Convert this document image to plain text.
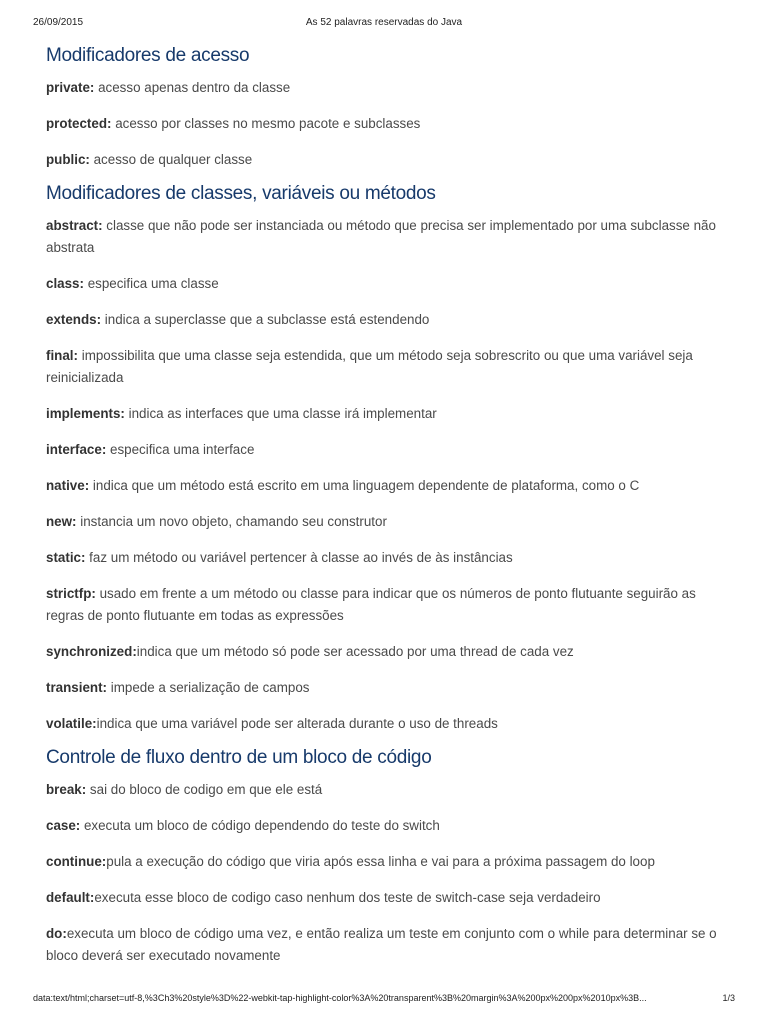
26/09/2015	As 52 palavras reservadas do Java
Modificadores de acesso

private: acesso apenas dentro da classe

protected: acesso por classes no mesmo pacote e subclasses

public: acesso de qualquer classe

Modificadores de classes, variáveis ou métodos

abstract: classe que não pode ser instanciada ou método que precisa ser implementado por uma subclasse não abstrata

class: especifica uma classe

extends: indica a superclasse que a subclasse está estendendo

final: impossibilita que uma classe seja estendida, que um método seja sobrescrito ou que uma variável seja reinicializada

implements: indica as interfaces que uma classe irá implementar

interface: especifica uma interface

native: indica que um método está escrito em uma linguagem dependente de plataforma, como o C

new: instancia um novo objeto, chamando seu construtor

static: faz um método ou variável pertencer à classe ao invés de às instâncias

strictfp: usado em frente a um método ou classe para indicar que os números de ponto flutuante seguirão as regras de ponto flutuante em todas as expressões

synchronized:indica que um método só pode ser acessado por uma thread de cada vez

transient: impede a serialização de campos

volatile:indica que uma variável pode ser alterada durante o uso de threads

Controle de fluxo dentro de um bloco de código

break: sai do bloco de codigo em que ele está

case: executa um bloco de código dependendo do teste do switch

continue:pula a execução do código que viria após essa linha e vai para a próxima passagem do loop

default:executa esse bloco de codigo caso nenhum dos teste de switch-case seja verdadeiro

do:executa um bloco de código uma vez, e então realiza um teste em conjunto com o while para determinar se o bloco deverá ser executado novamente

data:text/html;charset=utf-8,%3Ch3%20style%3D%22-webkit-tap-highlight-color%3A%20transparent%3B%20margin%3A%200px%200px%2010px%3B...	1/3
